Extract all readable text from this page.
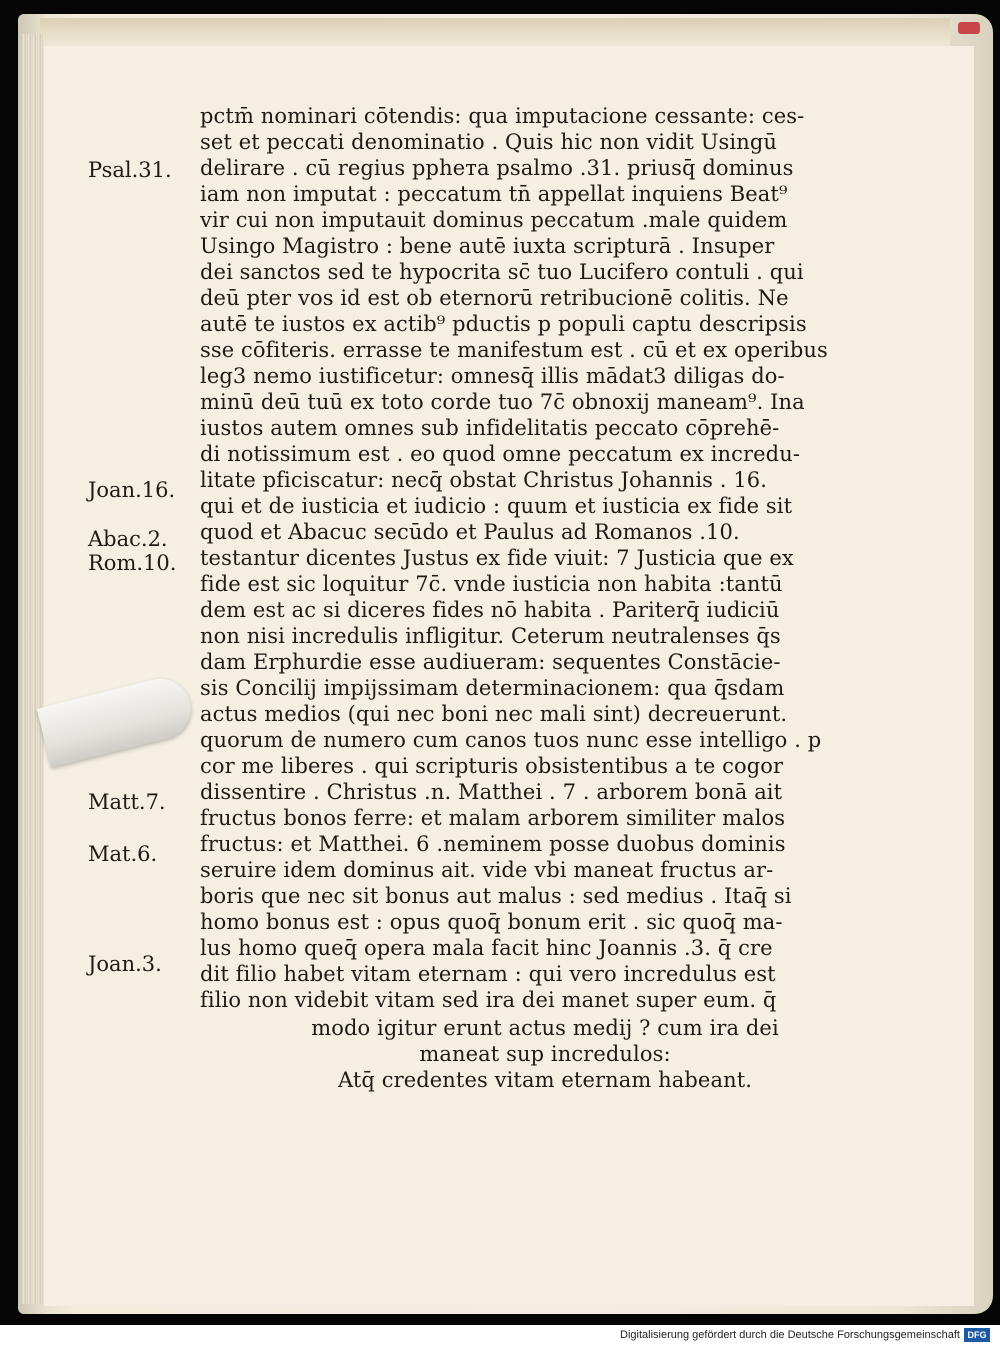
Psal.31.
Joan.16.
Abac.2.
Rom.10.
Matt.7.
Mat.6.
Joan.3.
pctm̄ nominari cōtendis: qua imputacione cessante: ces-
set et peccati denominatio . Quis hic non vidit Usingū
delirare . cū regius pphета psalmo .31. priusq̄ dominus
iam non imputat : peccatum tn̄ appellat inquiens Beat⁹
vir cui non imputauit dominus peccatum .male quidem
Usingo Magistro : bene autē iuxta scripturā . Insuper
dei sanctos sed te hypocrita sc̄ tuo Lucifero contuli . qui
deū pter vos id est ob eternorū retribucionē colitis. Ne
autē te iustos ex actib⁹ pductis p populi captu descripsis
sse cōfiteris. errasse te manifestum est . cū et ex operibus
leg3 nemo iustificetur: omnesq̄ illis mādat3 diligas do-
minū deū tuū ex toto corde tuo 7c̄ obnoxij maneam⁹. Ina
iustos autem omnes sub infidelitatis peccato cōprehē-
di notissimum est . eo quod omne peccatum ex incredu-
litate pficiscatur: necq̄ obstat Christus Johannis . 16.
qui et de iusticia et iudicio : quum et iusticia ex fide sit
quod et Abacuc secūdo et Paulus ad Romanos .10.
testantur dicentes Justus ex fide viuit: 7 Justicia que ex
fide est sic loquitur 7c̄. vnde iusticia non habita :tantū
dem est ac si diceres fides nō habita . Pariterq̄ iudiciū
non nisi incredulis infligitur. Ceterum neutralenses q̄s
dam Erphurdie esse audiueram: sequentes Constācie-
sis Concilij impijssimam determinacionem: qua q̄sdam
actus medios (qui nec boni nec mali sint) decreuerunt.
quorum de numero cum canos tuos nunc esse intelligo . p
cor me liberes . qui scripturis obsistentibus a te cogor
dissentire . Christus .n. Matthei . 7 . arborem bonā ait
fructus bonos ferre: et malam arborem similiter malos
fructus: et Matthei. 6 .neminem posse duobus dominis
seruire idem dominus ait. vide vbi maneat fructus ar-
boris que nec sit bonus aut malus : sed medius . Itaq̄ si
homo bonus est : opus quoq̄ bonum erit . sic quoq̄ ma-
lus homo queq̄ opera mala facit hinc Joannis .3. q̄ cre
dit filio habet vitam eternam : qui vero incredulus est
filio non videbit vitam sed ira dei manet super eum. q̄
modo igitur erunt actus medij ? cum ira dei
maneat sup incredulos:
Atq̄ credentes vitam eternam habeant.
Digitalisierung gefördert durch die Deutsche Forschungsgemeinschaft DFG
